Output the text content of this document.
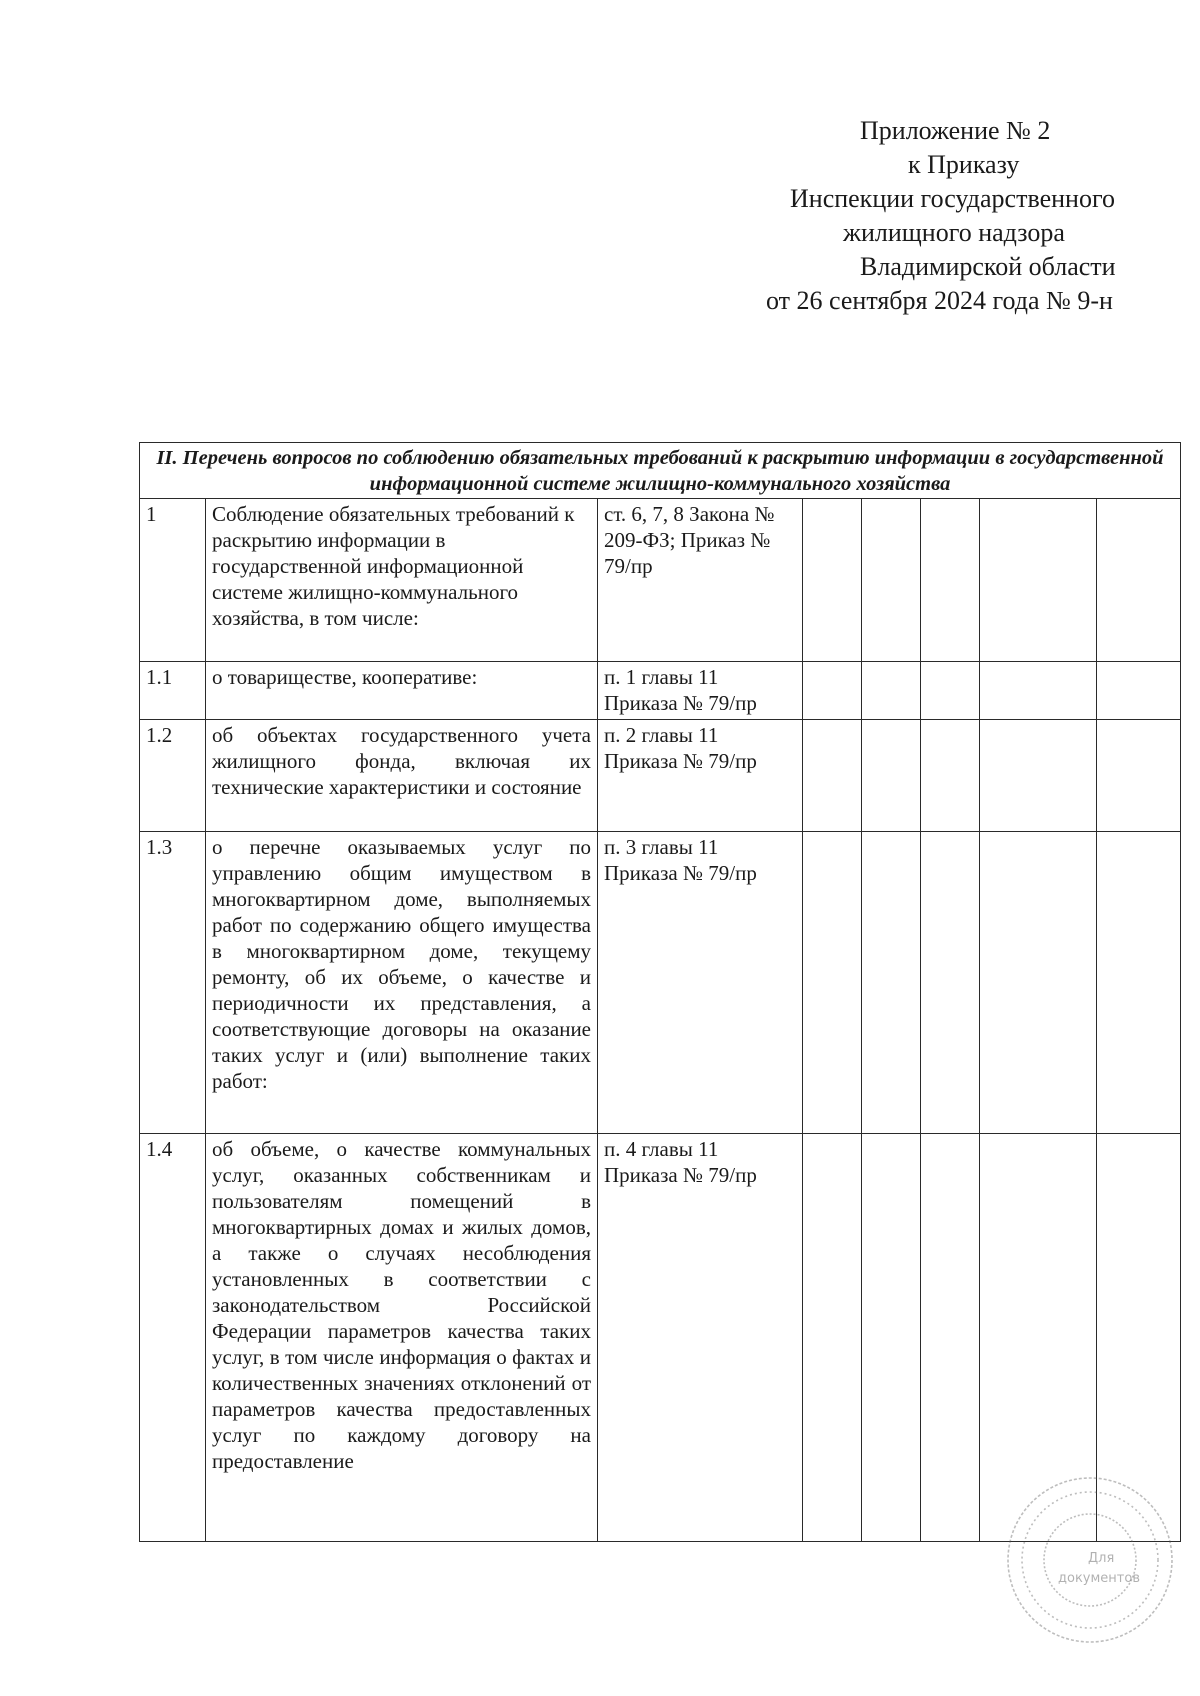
Приложение № 2
к Приказу
Инспекции государственного
жилищного надзора
Владимирской области
от 26 сентября 2024 года № 9-н
II. Перечень вопросов по соблюдению обязательных требований к раскрытию информации в государственной информационной системе жилищно-коммунального хозяйства							
1	Соблюдение обязательных требований к раскрытию информации в государственной информационной системе жилищно-коммунального хозяйства, в том числе:	ст. 6, 7, 8 Закона № 209-ФЗ; Приказ № 79/пр					
1.1	о товариществе, кооперативе:	п. 1 главы 11 Приказа № 79/пр					
1.2	об объектах государственного учета жилищного фонда, включая их технические характеристики и состояние	п. 2 главы 11 Приказа № 79/пр					
1.3	о перечне оказываемых услуг по управлению общим имуществом в многоквартирном доме, выполняемых работ по содержанию общего имущества в многоквартирном доме, текущему ремонту, об их объеме, о качестве и периодичности их представления, а соответствующие договоры на оказание таких услуг и (или) выполнение таких работ:	п. 3 главы 11 Приказа № 79/пр					
1.4	об объеме, о качестве коммунальных услуг, оказанных собственникам и пользователям помещений в многоквартирных домах и жилых домов, а также о случаях несоблюдения установленных в соответствии с законодательством Российской Федерации параметров качества таких услуг, в том числе информация о фактах и количественных значениях отклонений от параметров качества предоставленных услуг по каждому договору на предоставление	п. 4 главы 11 Приказа № 79/пр					
Для
документов
